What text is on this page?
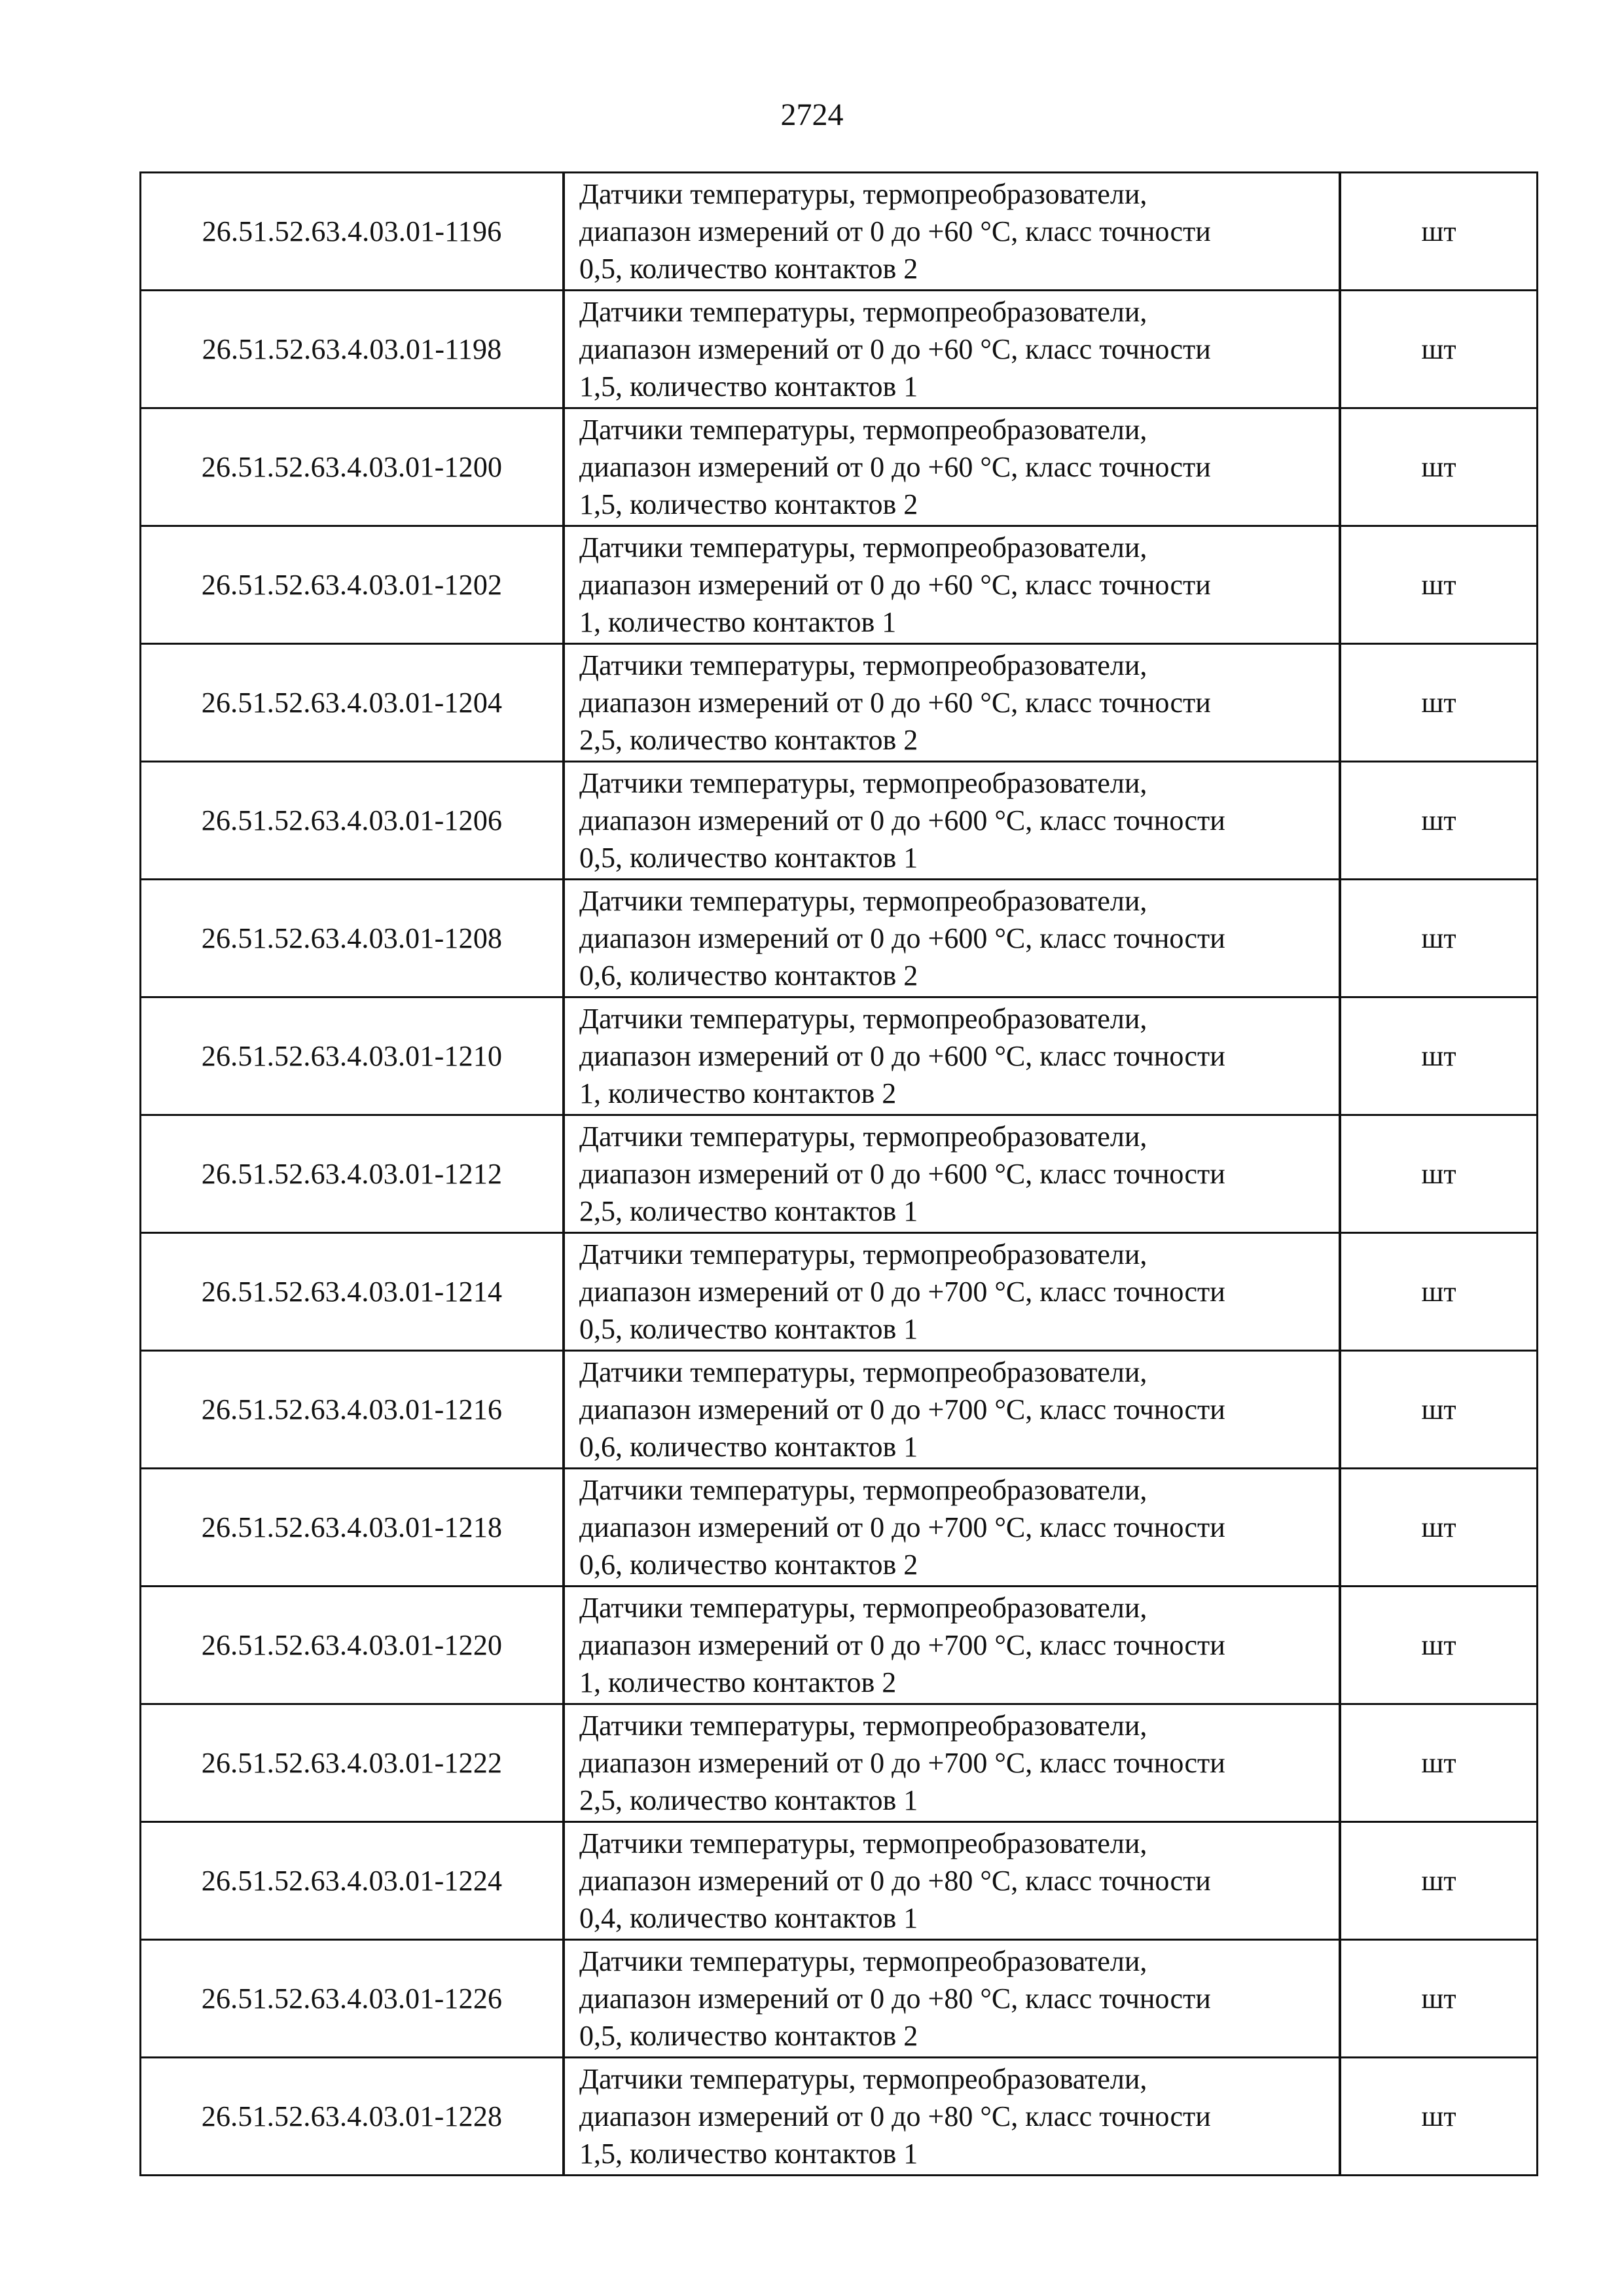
2724
26.51.52.63.4.03.01-1196
Датчики температуры, термопреобразователи,
диапазон измерений от 0 до +60 °C, класс точности
0,5, количество контактов 2
шт
26.51.52.63.4.03.01-1198
Датчики температуры, термопреобразователи,
диапазон измерений от 0 до +60 °C, класс точности
1,5, количество контактов 1
шт
26.51.52.63.4.03.01-1200
Датчики температуры, термопреобразователи,
диапазон измерений от 0 до +60 °C, класс точности
1,5, количество контактов 2
шт
26.51.52.63.4.03.01-1202
Датчики температуры, термопреобразователи,
диапазон измерений от 0 до +60 °C, класс точности
1, количество контактов 1
шт
26.51.52.63.4.03.01-1204
Датчики температуры, термопреобразователи,
диапазон измерений от 0 до +60 °C, класс точности
2,5, количество контактов 2
шт
26.51.52.63.4.03.01-1206
Датчики температуры, термопреобразователи,
диапазон измерений от 0 до +600 °C, класс точности
0,5, количество контактов 1
шт
26.51.52.63.4.03.01-1208
Датчики температуры, термопреобразователи,
диапазон измерений от 0 до +600 °C, класс точности
0,6, количество контактов 2
шт
26.51.52.63.4.03.01-1210
Датчики температуры, термопреобразователи,
диапазон измерений от 0 до +600 °C, класс точности
1, количество контактов 2
шт
26.51.52.63.4.03.01-1212
Датчики температуры, термопреобразователи,
диапазон измерений от 0 до +600 °C, класс точности
2,5, количество контактов 1
шт
26.51.52.63.4.03.01-1214
Датчики температуры, термопреобразователи,
диапазон измерений от 0 до +700 °C, класс точности
0,5, количество контактов 1
шт
26.51.52.63.4.03.01-1216
Датчики температуры, термопреобразователи,
диапазон измерений от 0 до +700 °C, класс точности
0,6, количество контактов 1
шт
26.51.52.63.4.03.01-1218
Датчики температуры, термопреобразователи,
диапазон измерений от 0 до +700 °C, класс точности
0,6, количество контактов 2
шт
26.51.52.63.4.03.01-1220
Датчики температуры, термопреобразователи,
диапазон измерений от 0 до +700 °C, класс точности
1, количество контактов 2
шт
26.51.52.63.4.03.01-1222
Датчики температуры, термопреобразователи,
диапазон измерений от 0 до +700 °C, класс точности
2,5, количество контактов 1
шт
26.51.52.63.4.03.01-1224
Датчики температуры, термопреобразователи,
диапазон измерений от 0 до +80 °C, класс точности
0,4, количество контактов 1
шт
26.51.52.63.4.03.01-1226
Датчики температуры, термопреобразователи,
диапазон измерений от 0 до +80 °C, класс точности
0,5, количество контактов 2
шт
26.51.52.63.4.03.01-1228
Датчики температуры, термопреобразователи,
диапазон измерений от 0 до +80 °C, класс точности
1,5, количество контактов 1
шт
